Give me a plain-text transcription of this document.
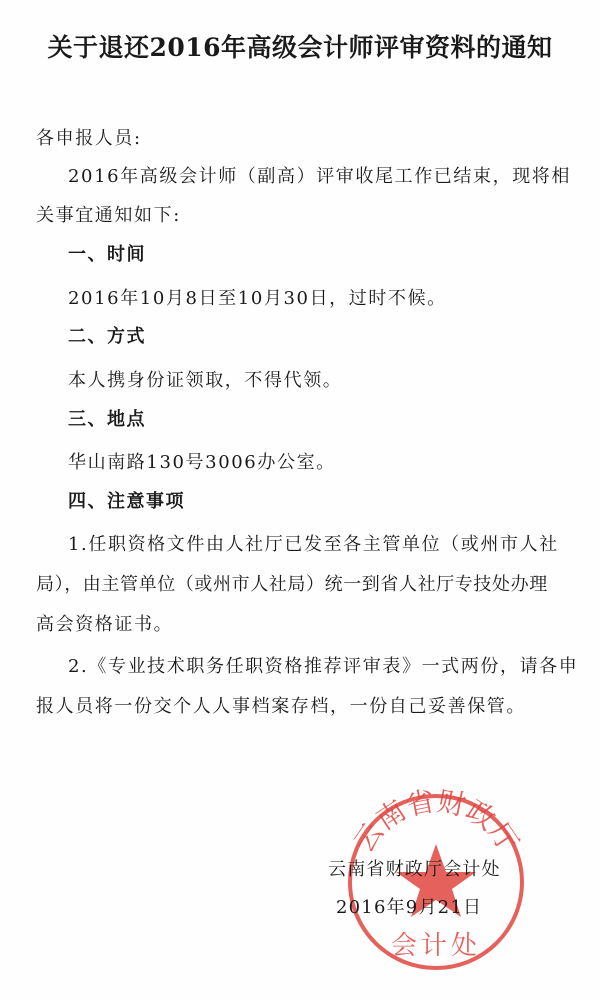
关于退还2016年高级会计师评审资料的通知
各申报人员:
2016年高级会计师（副高）评审收尾工作已结束，现将相
关事宜通知如下:
一、时间
2016年10月8日至10月30日，过时不候。
二、方式
本人携身份证领取，不得代领。
三、地点
华山南路130号3006办公室。
四、注意事项
1.任职资格文件由人社厅已发至各主管单位（或州市人社
局），由主管单位（或州市人社局）统一到省人社厅专技处办理
高会资格证书。
2.《专业技术职务任职资格推荐评审表》一式两份，请各申
报人员将一份交个人人事档案存档，一份自己妥善保管。
云南省财政厅
会计处
云南省财政厅会计处
2016年9月21日
